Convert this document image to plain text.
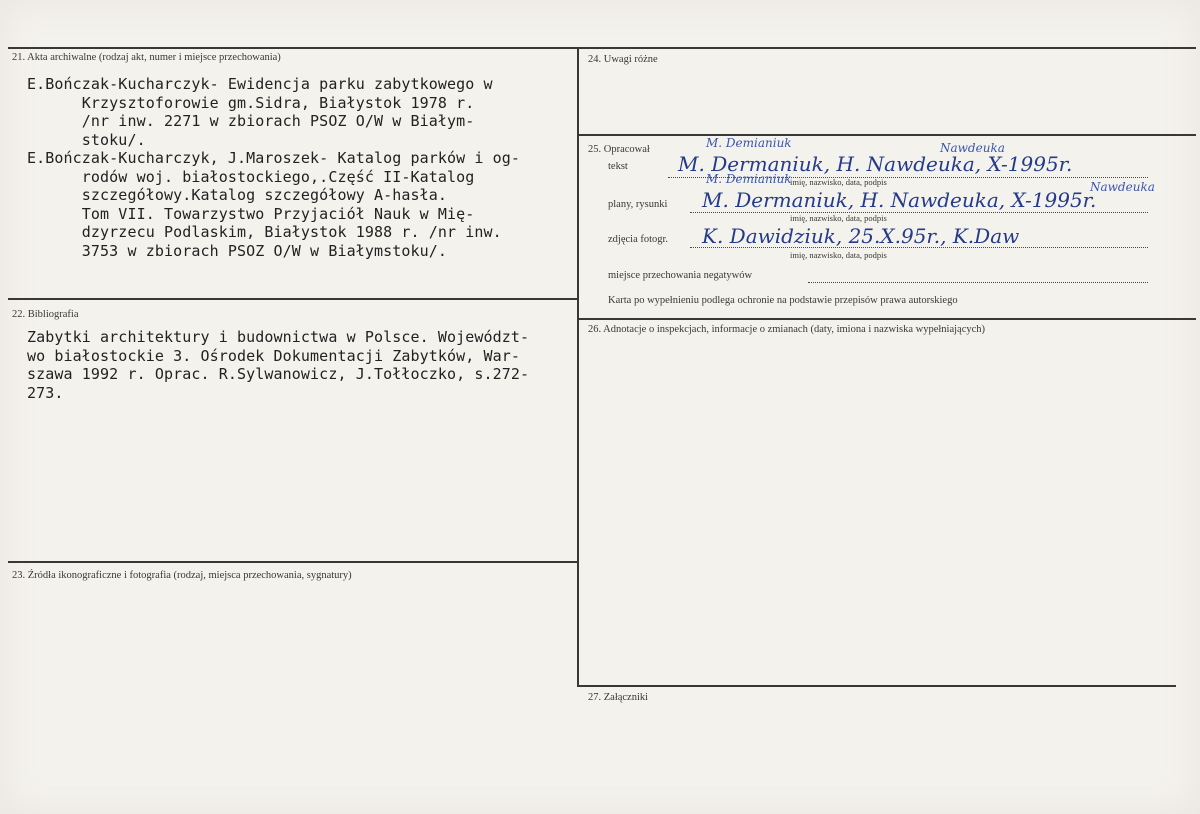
21. Akta archiwalne (rodzaj akt, numer i miejsce przechowania)
E.Bończak-Kucharczyk- Ewidencja parku zabytkowego w
Krzysztoforowie gm.Sidra, Białystok 1978 r.
/nr inw. 2271 w zbiorach PSOZ O/W w Białym-
stoku/.
E.Bończak-Kucharczyk, J.Maroszek- Katalog parków i og-
rodów woj. białostockiego,.Część II-Katalog
szczegółowy.Katalog szczegółowy A-hasła.
Tom VII. Towarzystwo Przyjaciół Nauk w Mię-
dzyrzecu Podlaskim, Białystok 1988 r. /nr inw.
3753 w zbiorach PSOZ O/W w Białymstoku/.
22. Bibliografia
Zabytki architektury i budownictwa w Polsce. Województ-
wo białostockie 3. Ośrodek Dokumentacji Zabytków, War-
szawa 1992 r. Oprac. R.Sylwanowicz, J.Tołłoczko, s.272-
273.
23. Źródła ikonograficzne i fotografia (rodzaj, miejsca przechowania, sygnatury)
24. Uwagi różne
25. Opracował
tekst
M. Demianiuk	Nawdeuka
M. Dermaniuk, H. Nawdeuka, X-1995r.
imię, nazwisko, data, podpis
plany, rysunki
M. Demianiuk
Nawdeuka
M. Dermaniuk, H. Nawdeuka, X-1995r.
imię, nazwisko, data, podpis
zdjęcia fotogr. K. Dawidziuk, 25.X.95r., K.Daw
imię, nazwisko, data, podpis
miejsce przechowania negatywów
Karta po wypełnieniu podlega ochronie na podstawie przepisów prawa autorskiego
26. Adnotacje o inspekcjach, informacje o zmianach (daty, imiona i nazwiska wypełniających)
27. Załączniki
